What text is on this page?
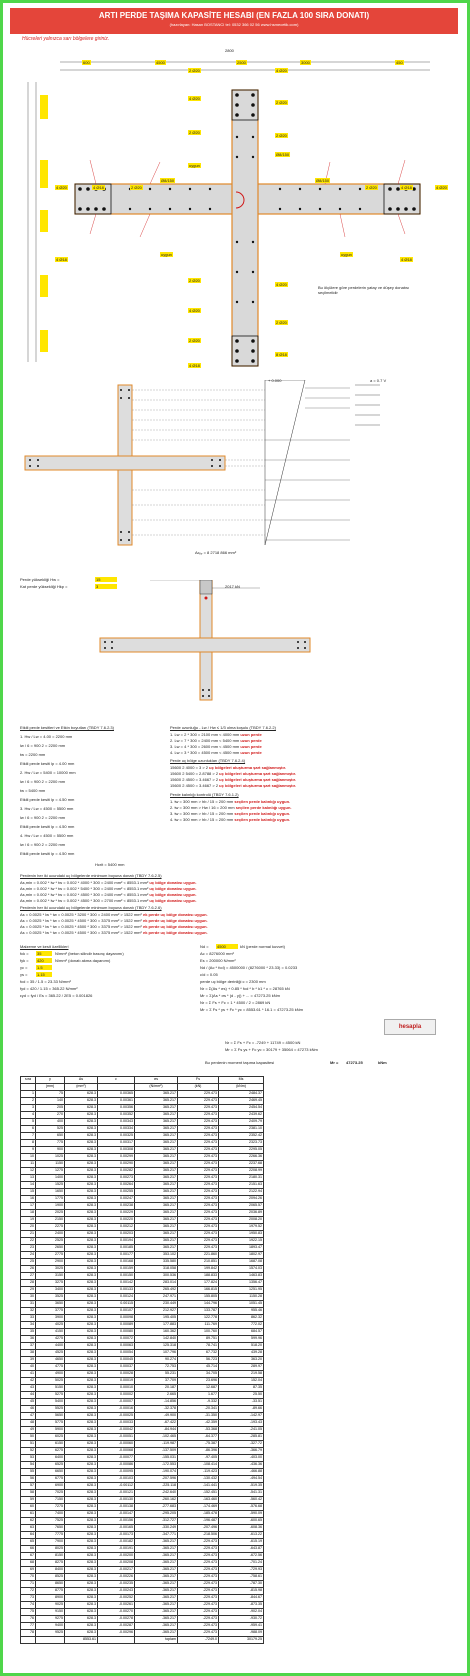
ARTI PERDE TAŞIMA KAPASİTE HESABI (EN FAZLA 100 SIRA DONATI)
(hazırlayan: Hasan BOSTANCI tel: 0532 366 02 56 www.hsmecetik.com)
Hücreleri yalnızca sarı bölgelere giriniz.
600	4500	2500	3000	450
2800
2 Ø20	4 Ø20
4 Ø20
2 Ø20
2 Ø20
2 Ø20
Ø8/150
uygun
4 Ø20	4 Ø18	2 Ø20
Ø8/150	Ø8/150
2 Ø20	4 Ø18	4 Ø20
4 Ø18
uygun	uygun
4 Ø18
2 Ø20
4 Ø20
4 Ø20
2 Ø20
2 Ø20
8 Ø18
4 Ø18
Bu ölçülere göre perdelerin yatay ve düşey donatısı seçilmelidir
+ 0.000	a = 0.7 V
Aₕₑₚ = 8 2718 866 mm²
Perde yüksekliği Hw =	15
Kat perde yüksekliği Hkp =	3	2017 kN
Etkili perde kesitleri ve Etkin boyutları (TBDY 7.6.2.3)
1. Hw / Lw = 4.00 = 2200 mm
lw / 6 = 900 2 = 2200 mm
tw = 2200 mm
Etkili perde kesiti lp = 4.00 mm
2. Hw / Lw = 5400 = 10000 mm
lw / 6 = 900 2 = 2200 mm
tw = 5400 mm
Etkili perde kesiti lp = 4.50 mm
3. Hw / Lw = 4500 = 5500 mm
lw / 6 = 900 2 = 2200 mm
Etkili perde kesiti lp = 4.50 mm
4. Hw / Lw = 4500 = 5500 mm
lw / 6 = 900 2 = 2200 mm
Etkili perde kesiti lp = 4.50 mm
Hcrit = 5400 mm
Perde uzunluğu - Lw / Hw ≤ 1/3 olma koşulu (TBDY 7.6.2.2)
1. Lw = 2 * 300 = 2100 mm < 4000 mm uzun perde
2. Lw = 7 * 300 = 2400 mm < 5400 mm uzun perde
3. Lw = 4 * 300 = 2600 mm < 4500 mm uzun perde
4. Lw = 3 * 300 = 4500 mm < 4500 mm uzun perde
Perde uç bölge uzunlukları (TBDY 7.6.2.4)
15600 2 4000 = 3 > 2 uç bölgeleri oluşturma şart sağlanmıştır.
15600 2 5400 = 2.8788 > 2 uç bölgeleri oluşturma şart sağlanmıştır.
15600 2 4500 = 3.4667 > 2 uç bölgeleri oluşturma şart sağlanmıştır.
15600 2 4500 = 3.4667 > 2 uç bölgeleri oluşturma şart sağlanmıştır.
Perde kalınlığı kontrolü (TBDY 7.6.1.2)
1. tw = 300 mm > hb / 15 = 200 mm seçilen perde kalınlığı uygun.
2. tw = 300 mm > Hw / 16 = 200 mm seçilen perde kalınlığı uygun.
3. tw = 300 mm > hb / 15 = 200 mm seçilen perde kalınlığı uygun.
4. tw = 300 mm > hb / 15 = 200 mm seçilen perde kalınlığı uygun.
Perdenin her iki ucundaki uç bölgelerde minimum boyuna donatı (TBDY 7.6.2.5)
As,min = 0.002 * lw * tw = 0.002 * 4000 * 300 = 2400 mm² < 8553.1 mm² uç bölge donatısı uygun.
As,min = 0.002 * lw * tw = 0.002 * 5400 * 300 = 2400 mm² < 8553.1 mm² uç bölge donatısı uygun.
As,min = 0.002 * lw * tw = 0.002 * 4500 * 300 = 2400 mm² < 8553.1 mm² uç bölge donatısı uygun.
As,min = 0.002 * lw * tw = 0.002 * 4500 * 300 = 2700 mm² < 8553.1 mm² uç bölge donatısı uygun.
Perdenin her iki ucundaki uç bölgelerde minimum boyuna donatı (TBDY 7.6.2.6)
As = 0.0025 * lw * tw = 0.0025 * 3200 * 300 = 2400 mm² > 1522 mm² ek perde uç bölge donatısı uygun.
As = 0.0025 * lw * tw = 0.0025 * 4500 * 300 = 3375 mm² > 1522 mm² ek perde uç bölge donatısı uygun.
As = 0.0025 * lw * tw = 0.0025 * 4500 * 300 = 3375 mm² > 1522 mm² ek perde uç bölge donatısı uygun.
As = 0.0025 * lw * tw = 0.0025 * 4500 * 300 = 3375 mm² > 1522 mm² ek perde uç bölge donatısı uygun.
Malzeme ve kesit özellikleri
fck = 35	N/mm² (beton silindir basınç dayanımı)
fyk = 420	N/mm² (donatı akma dayanımı)
γc = 1.5
γs = 1.15
fcd = 35 / 1.5 = 23.33 N/mm²
fyd = 420 / 1.15 = 365.22 N/mm²
εyd = fyd / Es = 365.22 / 2E5 = 0.001826
Nd = 4500	kN (perde normal kuvvet)
Ac = 8276000 mm²
Es = 200000 N/mm²
Nd / (Ac * fcd) = 4500000 / (8276000 * 23.33) = 0.0233
c/d = 0.05
perde uç bölge derinliği c = 2300 mm
Nr = Σ(As * σs) + 0.85 * fcd * b * k1 * c = 28765 kN
Mr = Σ(As * σs * (d - y)) + ... = 47273.25 kNm
Nr = Σ Fs + Fc = 1 * 4500 / 2 = 2869 kN
Mr = Σ Fs * ys + Fc * yc = 8553.61 * 16.1 = 47273.25 kNm
hesapla
Nr = Σ Fs + Fc = -7249 + 11749 = 4500 kN
Mr = Σ Fs ys + Fc yc = 30179 + 35064 = 47273 kNm
Bu perdenin moment taşıma kapasitesi	Mr = 47273.25	kNm
sıra	y	As	ε	σs	Fs	Ms
	(mm)	(mm²)		(N/mm²)	(kN)	(kNm)
1	75	628.3	0.00365	365.217	229.473	2484.37
2	140	628.3	0.00361	365.217	229.473	2469.45
3	205	628.3	0.00356	365.217	229.473	2454.54
4	270	628.3	0.00352	365.217	229.473	2439.62
5	400	628.3	0.00343	365.217	229.473	2409.79
6	525	628.3	0.00334	365.217	229.473	2381.10
7	650	628.3	0.00325	365.217	229.473	2352.42
8	775	628.3	0.00317	365.217	229.473	2323.73
9	900	628.3	0.00308	365.217	229.473	2295.05
10	1025	628.3	0.00299	365.217	229.473	2266.36
11	1150	628.3	0.00290	365.217	229.473	2237.68
12	1275	628.3	0.00282	365.217	229.473	2208.99
13	1400	628.3	0.00273	365.217	229.473	2180.31
14	1525	628.3	0.00264	365.217	229.473	2151.63
15	1650	628.3	0.00255	365.217	229.473	2122.94
16	1775	628.3	0.00247	365.217	229.473	2094.26
17	1900	628.3	0.00238	365.217	229.473	2065.57
18	2025	628.3	0.00229	365.217	229.473	2036.89
19	2150	628.3	0.00220	365.217	229.473	2008.20
20	2275	628.3	0.00212	365.217	229.473	1979.52
21	2400	628.3	0.00203	365.217	229.473	1950.83
22	2525	628.3	0.00194	365.217	229.473	1922.15
23	2650	628.3	0.00185	365.217	229.473	1893.47
24	2775	628.3	0.00177	353.102	221.860	1802.97
25	2900	628.3	0.00168	335.580	210.851	1687.08
26	3025	628.3	0.00159	318.058	199.842	1574.03
27	3150	628.3	0.00150	300.536	188.833	1463.83
28	3275	628.3	0.00142	283.014	177.824	1356.47
29	3400	628.3	0.00133	265.492	166.815	1251.95
30	3525	628.3	0.00124	247.971	155.805	1150.28
31	3650	628.3	0.00115	230.449	144.796	1051.45
32	3775	628.3	0.00107	212.927	133.787	955.46
33	3900	628.3	0.00098	195.405	122.778	862.32
34	4025	628.3	0.00089	177.883	111.769	772.02
35	4150	628.3	0.00080	160.362	100.760	684.57
36	4275	628.3	0.00072	142.840	89.751	599.96
37	4400	628.3	0.00063	125.318	78.741	518.20
38	4525	628.3	0.00054	107.796	67.732	439.28
39	4650	628.3	0.00045	90.274	56.723	363.20
40	4775	628.3	0.00037	72.753	45.714	289.97
41	4900	628.3	0.00028	55.231	34.705	219.58
42	5025	628.3	0.00019	37.709	23.696	152.04
43	5150	628.3	0.00010	20.187	12.687	87.35
44	5275	628.3	0.00002	2.665	1.677	25.50
45	5400	628.3	-0.00007	-14.856	-9.332	-33.51
46	5525	628.3	-0.00016	-32.378	-20.341	-89.66
47	5650	628.3	-0.00025	-49.900	-31.350	-142.97
48	5775	628.3	-0.00033	-67.422	-42.359	-193.43
49	5900	628.3	-0.00042	-84.944	-53.368	-241.05
50	6025	628.3	-0.00051	-102.465	-64.377	-285.81
51	6150	628.3	-0.00060	-119.987	-75.387	-327.72
52	6275	628.3	-0.00068	-137.509	-86.396	-366.79
53	6400	628.3	-0.00077	-155.031	-97.405	-403.00
54	6525	628.3	-0.00086	-172.553	-108.414	-436.36
55	6650	628.3	-0.00095	-190.074	-119.423	-466.88
56	6775	628.3	-0.00103	-207.596	-130.432	-494.54
57	6900	628.3	-0.00112	-225.118	-141.441	-519.35
58	7025	628.3	-0.00121	-242.640	-152.451	-541.31
59	7150	628.3	-0.00130	-260.162	-163.460	-560.42
60	7275	628.3	-0.00138	-277.683	-174.469	-576.68
61	7400	628.3	-0.00147	-295.205	-185.478	-590.09
62	7525	628.3	-0.00156	-312.727	-196.487	-600.65
63	7650	628.3	-0.00165	-330.249	-207.496	-608.36
64	7775	628.3	-0.00173	-347.771	-218.506	-613.22
65	7900	628.3	-0.00182	-365.217	-229.473	-615.19
66	8025	628.3	-0.00191	-365.217	-229.473	-643.87
67	8150	628.3	-0.00200	-365.217	-229.473	-672.56
68	8275	628.3	-0.00208	-365.217	-229.473	-701.24
69	8400	628.3	-0.00217	-365.217	-229.473	-729.93
70	8525	628.3	-0.00226	-365.217	-229.473	-758.61
71	8650	628.3	-0.00235	-365.217	-229.473	-787.30
72	8775	628.3	-0.00243	-365.217	-229.473	-815.98
73	8900	628.3	-0.00252	-365.217	-229.473	-844.67
74	9025	628.3	-0.00261	-365.217	-229.473	-873.35
75	9150	628.3	-0.00270	-365.217	-229.473	-902.04
76	9275	628.3	-0.00278	-365.217	-229.473	-930.72
77	9400	628.3	-0.00287	-365.217	-229.473	-959.41
78	9525	628.3	-0.00296	-365.217	-229.473	-988.09
		8553.61		toplam	-7249.0	30179.25
